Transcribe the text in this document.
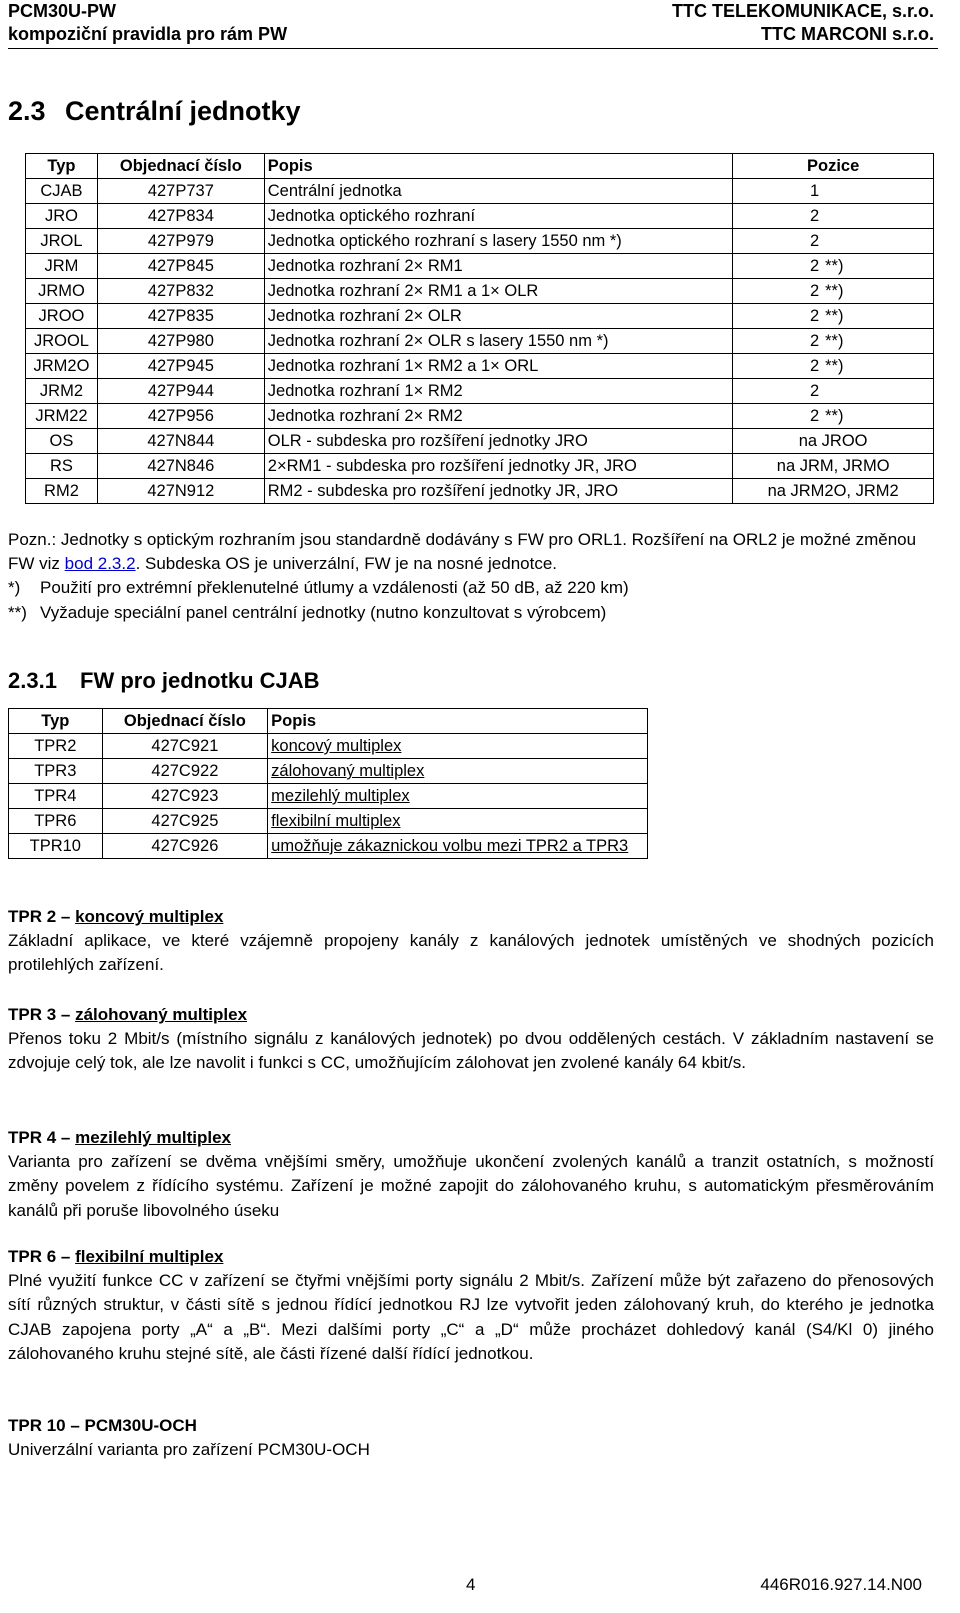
PCM30U-PW
kompoziční pravidla pro rám PW
TTC TELEKOMUNIKACE, s.r.o.
TTC MARCONI s.r.o.
2.3 Centrální jednotky
Typ	Objednací číslo	Popis	Pozice
CJAB	427P737	Centrální jednotka	1
JRO	427P834	Jednotka optického rozhraní	2
JROL	427P979	Jednotka optického rozhraní s lasery 1550 nm *)	2
JRM	427P845	Jednotka rozhraní 2× RM1	2 **)
JRMO	427P832	Jednotka rozhraní 2× RM1 a 1× OLR	2 **)
JROO	427P835	Jednotka rozhraní 2× OLR	2 **)
JROOL	427P980	Jednotka rozhraní 2× OLR s lasery 1550 nm *)	2 **)
JRM2O	427P945	Jednotka rozhraní 1× RM2 a 1× ORL	2 **)
JRM2	427P944	Jednotka rozhraní 1× RM2	2
JRM22	427P956	Jednotka rozhraní 2× RM2	2 **)
OS	427N844	OLR - subdeska pro rozšíření jednotky JRO	na JROO
RS	427N846	2×RM1 - subdeska pro rozšíření jednotky JR, JRO	na JRM, JRMO
RM2	427N912	RM2 - subdeska pro rozšíření jednotky JR, JRO	na JRM2O, JRM2
Pozn.: Jednotky s optickým rozhraním jsou standardně dodávány s FW pro ORL1. Rozšíření na ORL2 je možné změnou FW viz bod 2.3.2. Subdeska OS je univerzální, FW je na nosné jednotce.
*) Použití pro extrémní překlenutelné útlumy a vzdálenosti (až 50 dB, až 220 km)
**) Vyžaduje speciální panel centrální jednotky (nutno konzultovat s výrobcem)
2.3.1 FW pro jednotku CJAB
Typ	Objednací číslo	Popis
TPR2	427C921	koncový multiplex
TPR3	427C922	zálohovaný multiplex
TPR4	427C923	mezilehlý multiplex
TPR6	427C925	flexibilní multiplex
TPR10	427C926	umožňuje zákaznickou volbu mezi TPR2 a TPR3
TPR 2 – koncový multiplex
Základní aplikace, ve které vzájemně propojeny kanály z kanálových jednotek umístěných ve shodných pozicích protilehlých zařízení.
TPR 3 – zálohovaný multiplex
Přenos toku 2 Mbit/s (místního signálu z kanálových jednotek) po dvou oddělených cestách. V základním nastavení se zdvojuje celý tok, ale lze navolit i funkci s CC, umožňujícím zálohovat jen zvolené kanály 64 kbit/s.
TPR 4 – mezilehlý multiplex
Varianta pro zařízení se dvěma vnějšími směry, umožňuje ukončení zvolených kanálů a tranzit ostatních, s možností změny povelem z řídícího systému. Zařízení je možné zapojit do zálohovaného kruhu, s automatickým přesměrováním kanálů při poruše libovolného úseku
TPR 6 – flexibilní multiplex
Plné využití funkce CC v zařízení se čtyřmi vnějšími porty signálu 2 Mbit/s. Zařízení může být zařazeno do přenosových sítí různých struktur, v části sítě s jednou řídící jednotkou RJ lze vytvořit jeden zálohovaný kruh, do kterého je jednotka CJAB zapojena porty „A“ a „B“. Mezi dalšími porty „C“ a „D“ může procházet dohledový kanál (S4/Kl 0) jiného zálohovaného kruhu stejné sítě, ale části řízené další řídící jednotkou.
TPR 10 – PCM30U-OCH
Univerzální varianta pro zařízení PCM30U-OCH
4	446R016.927.14.N00
